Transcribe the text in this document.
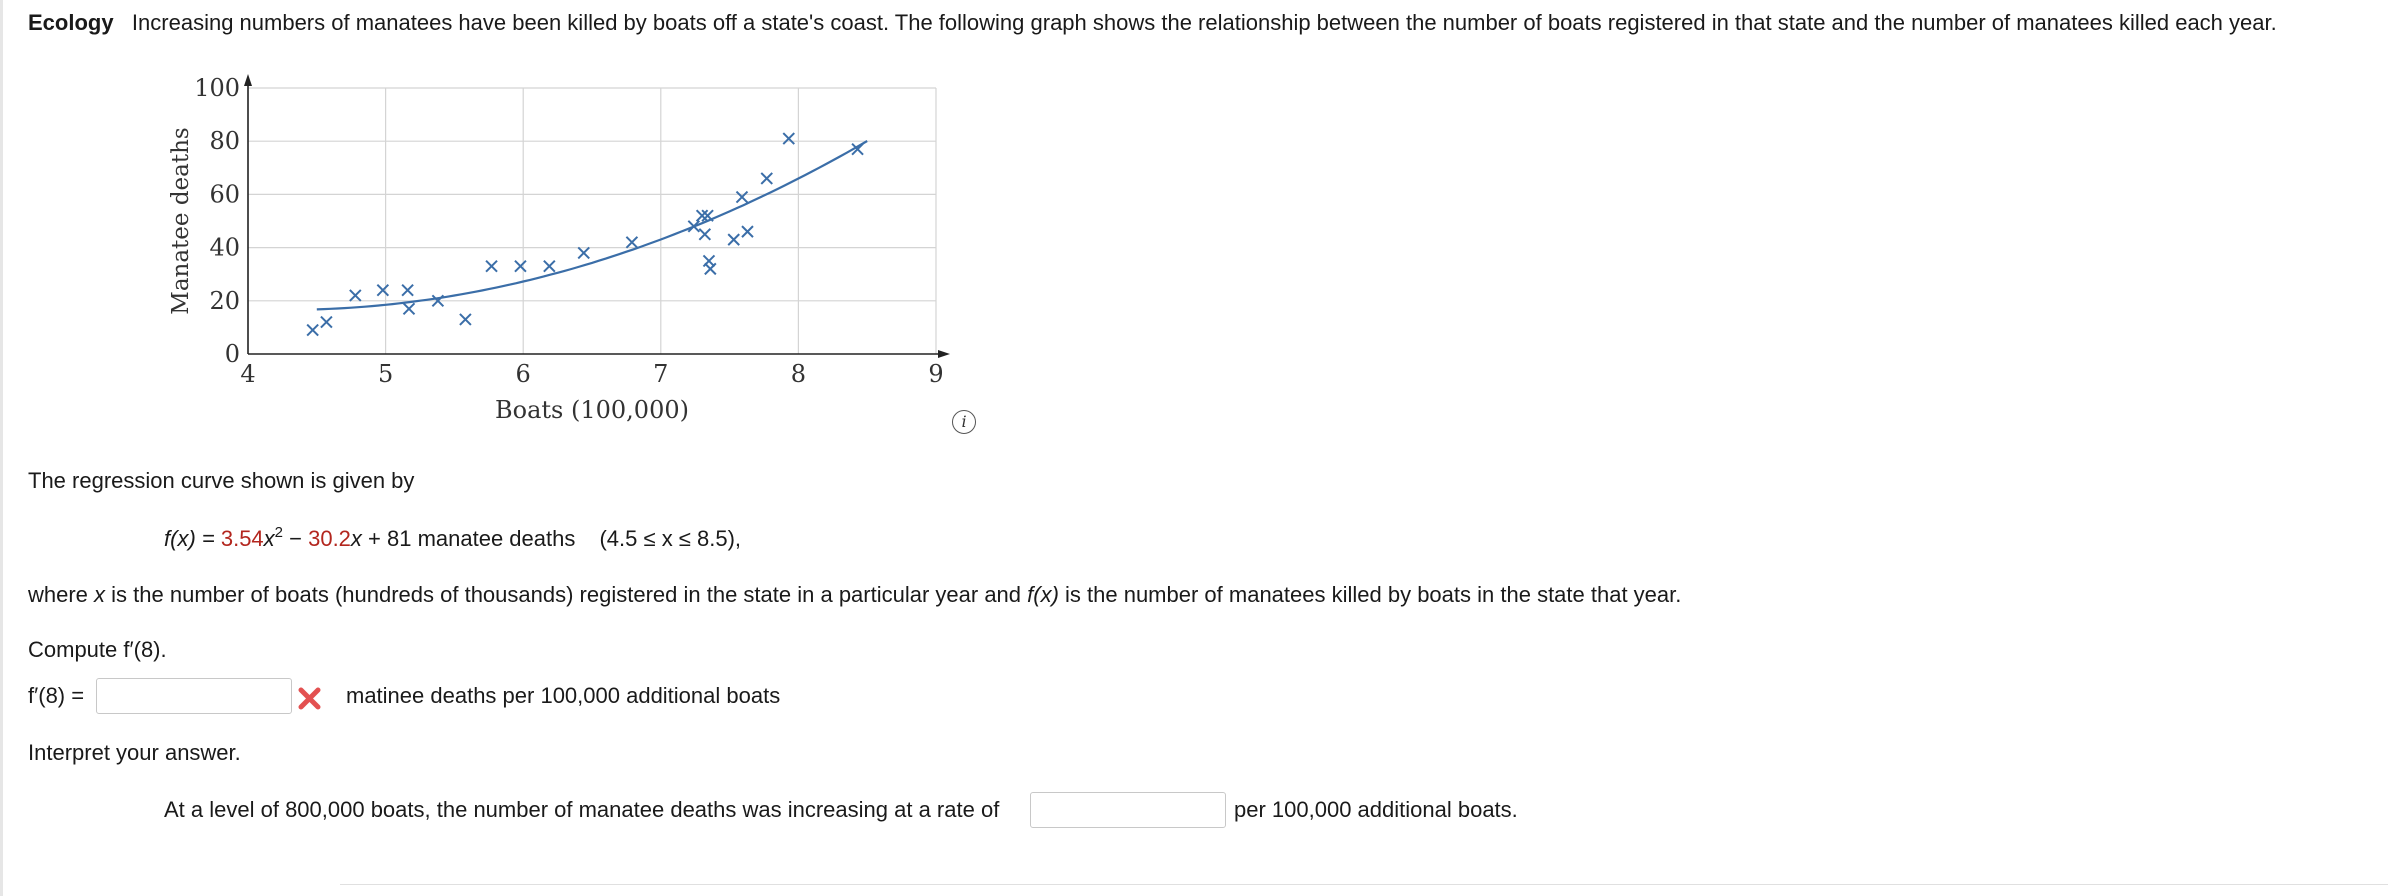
Ecology Increasing numbers of manatees have been killed by boats off a state's coast. The following graph shows the relationship between the number of boats registered in that state and the number of manatees killed each year.
4	5	6	7	8	9
0
20
40
60
80
100
Boats (100,000)
Manatee deaths
i
The regression curve shown is given by
$f(x) = 3.54x^2 - 30.2x + 81$ manatee deaths (4.5 ≤ x ≤ 8.5),
where x is the number of boats (hundreds of thousands) registered in the state in a particular year and f(x) is the number of manatees killed by boats in the state that year.
Compute f′(8).
f′(8) =	matinee deaths per 100,000 additional boats
Interpret your answer.
At a level of 800,000 boats, the number of manatee deaths was increasing at a rate of	per 100,000 additional boats.
